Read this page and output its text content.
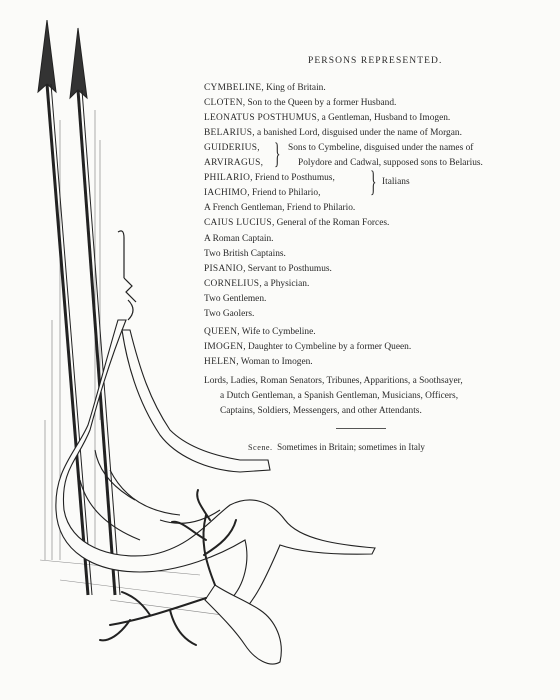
PERSONS REPRESENTED.
CYMBELINE, King of Britain.
CLOTEN, Son to the Queen by a former Husband.
LEONATUS POSTHUMUS, a Gentleman, Husband to Imogen.
BELARIUS, a banished Lord, disguised under the name of Morgan.
GUIDERIUS,	Sons to Cymbeline, disguised under the names of
ARVIRAGUS,	Polydore and Cadwal, supposed sons to Belarius.
}
PHILARIO, Friend to Posthumus,
IACHIMO, Friend to Philario, } Italians
A French Gentleman, Friend to Philario.
CAIUS LUCIUS, General of the Roman Forces.
A Roman Captain.
Two British Captains.
PISANIO, Servant to Posthumus.
CORNELIUS, a Physician.
Two Gentlemen.
Two Gaolers.
QUEEN, Wife to Cymbeline.
IMOGEN, Daughter to Cymbeline by a former Queen.
HELEN, Woman to Imogen.
Lords, Ladies, Roman Senators, Tribunes, Apparitions, a Soothsayer,
a Dutch Gentleman, a Spanish Gentleman, Musicians, Officers,
Captains, Soldiers, Messengers, and other Attendants.
Scene. Sometimes in Britain; sometimes in Italy
